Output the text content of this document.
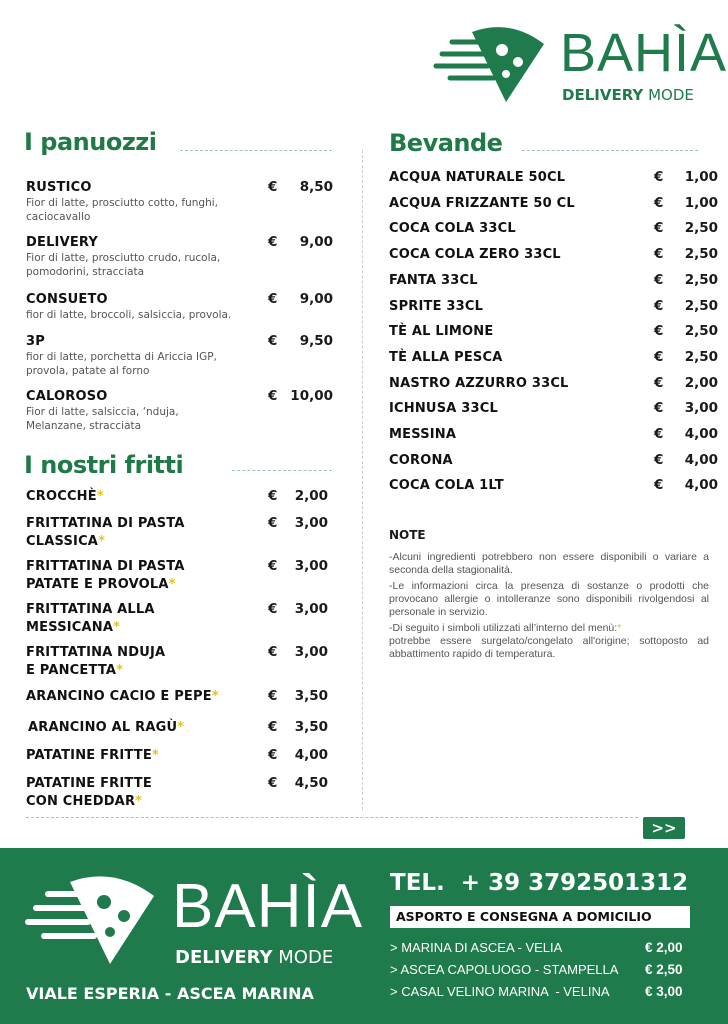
BAHÌA
DELIVERY MODE
I panuozzi
RUSTICO
Fior di latte, prosciutto cotto, funghi,
caciocavallo
€	8,50
DELIVERY
Fior di latte, prosciutto crudo, rucola,
pomodorini, stracciata
€	9,00
CONSUETO
fior di latte, broccoli, salsiccia, provola.
€	9,00
3P
fior di latte, porchetta di Ariccia IGP,
provola, patate al forno
€	9,50
CALOROSO
Fior di latte, salsiccia, ‘nduja,
Melanzane, stracciata
€ 10,00
I nostri fritti
CROCCHÈ*	€	2,00
FRITTATINA DI PASTA
CLASSICA*
€	3,00
FRITTATINA DI PASTA
PATATE E PROVOLA*
€	3,00
FRITTATINA ALLA
MESSICANA*
€	3,00
FRITTATINA NDUJA
E PANCETTA*
€	3,00
ARANCINO CACIO E PEPE*	€	3,50
ARANCINO AL RAGÙ*	€	3,50
PATATINE FRITTE*	€	4,00
PATATINE FRITTE
CON CHEDDAR*
€	4,50
Bevande
ACQUA NATURALE 50CL	€	1,00
ACQUA FRIZZANTE 50 CL	€	1,00
COCA COLA 33CL	€	2,50
COCA COLA ZERO 33CL	€	2,50
FANTA 33CL	€	2,50
SPRITE 33CL	€	2,50
TÈ AL LIMONE	€	2,50
TÈ ALLA PESCA	€	2,50
NASTRO AZZURRO 33CL	€	2,00
ICHNUSA 33CL	€	3,00
MESSINA	€	4,00
CORONA	€	4,00
COCA COLA 1LT	€	4,00
NOTE
-Alcuni ingredienti potrebbero non essere disponibili o variare a seconda della stagionalità.
-Le informazioni circa la presenza di sostanze o prodotti che provocano allergie o intolleranze sono disponibili rivolgendosi al personale in servizio.
-Di seguito i simboli utilizzati all’interno del menù:*
potrebbe essere surgelato/congelato all'origine; sottoposto ad abbattimento rapido di temperatura.
>>
BAHÌA
DELIVERY MODE
VIALE ESPERIA - ASCEA MARINA
TEL.  + 39 3792501312
ASPORTO E CONSEGNA A DOMICILIO
> MARINA DI ASCEA - VELIA	€ 2,00
> ASCEA CAPOLUOGO - STAMPELLA € 2,50
> CASAL VELINO MARINA  - VELINA	€ 3,00
